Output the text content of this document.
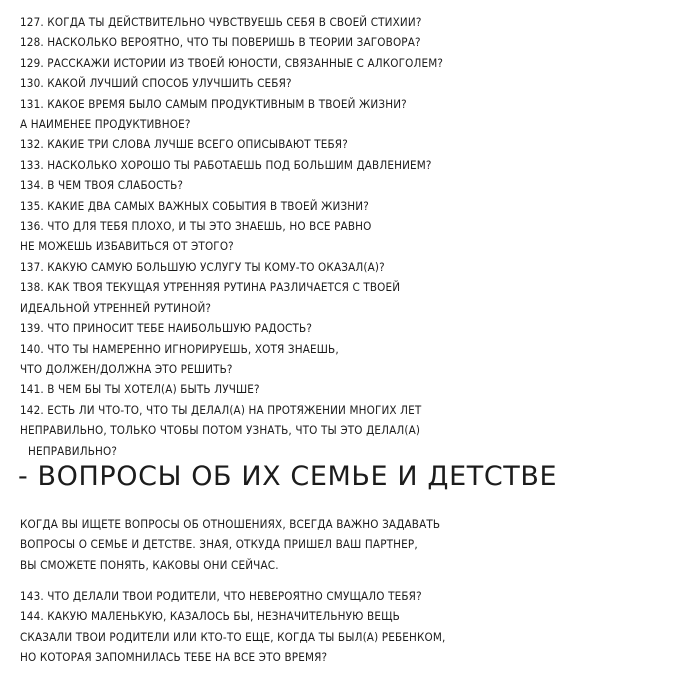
127. КОГДА ТЫ ДЕЙСТВИТЕЛЬНО ЧУВСТВУЕШЬ СЕБЯ В СВОЕЙ СТИХИИ?
128. НАСКОЛЬКО ВЕРОЯТНО, ЧТО ТЫ ПОВЕРИШЬ В ТЕОРИИ ЗАГОВОРА?
129. РАССКАЖИ ИСТОРИИ ИЗ ТВОЕЙ ЮНОСТИ, СВЯЗАННЫЕ С АЛКОГОЛЕМ?
130. КАКОЙ ЛУЧШИЙ СПОСОБ УЛУЧШИТЬ СЕБЯ?
131. КАКОЕ ВРЕМЯ БЫЛО САМЫМ ПРОДУКТИВНЫМ В ТВОЕЙ ЖИЗНИ?
А НАИМЕНЕЕ ПРОДУКТИВНОЕ?
132. КАКИЕ ТРИ СЛОВА ЛУЧШЕ ВСЕГО ОПИСЫВАЮТ ТЕБЯ?
133. НАСКОЛЬКО ХОРОШО ТЫ РАБОТАЕШЬ ПОД БОЛЬШИМ ДАВЛЕНИЕМ?
134. В ЧЕМ ТВОЯ СЛАБОСТЬ?
135. КАКИЕ ДВА САМЫХ ВАЖНЫХ СОБЫТИЯ В ТВОЕЙ ЖИЗНИ?
136. ЧТО ДЛЯ ТЕБЯ ПЛОХО, И ТЫ ЭТО ЗНАЕШЬ, НО ВСЕ РАВНО
НЕ МОЖЕШЬ ИЗБАВИТЬСЯ ОТ ЭТОГО?
137. КАКУЮ САМУЮ БОЛЬШУЮ УСЛУГУ ТЫ КОМУ-ТО ОКАЗАЛ(А)?
138. КАК ТВОЯ ТЕКУЩАЯ УТРЕННЯЯ РУТИНА РАЗЛИЧАЕТСЯ С ТВОЕЙ
ИДЕАЛЬНОЙ УТРЕННЕЙ РУТИНОЙ?
139. ЧТО ПРИНОСИТ ТЕБЕ НАИБОЛЬШУЮ РАДОСТЬ?
140. ЧТО ТЫ НАМЕРЕННО ИГНОРИРУЕШЬ, ХОТЯ ЗНАЕШЬ,
ЧТО ДОЛЖЕН/ДОЛЖНА ЭТО РЕШИТЬ?
141. В ЧЕМ БЫ ТЫ ХОТЕЛ(А) БЫТЬ ЛУЧШЕ?
142. ЕСТЬ ЛИ ЧТО-ТО, ЧТО ТЫ ДЕЛАЛ(А) НА ПРОТЯЖЕНИИ МНОГИХ ЛЕТ
НЕПРАВИЛЬНО, ТОЛЬКО ЧТОБЫ ПОТОМ УЗНАТЬ, ЧТО ТЫ ЭТО ДЕЛАЛ(А)
НЕПРАВИЛЬНО?
- ВОПРОСЫ ОБ ИХ СЕМЬЕ И ДЕТСТВЕ
КОГДА ВЫ ИЩЕТЕ ВОПРОСЫ ОБ ОТНОШЕНИЯХ, ВСЕГДА ВАЖНО ЗАДАВАТЬ
ВОПРОСЫ О СЕМЬЕ И ДЕТСТВЕ. ЗНАЯ, ОТКУДА ПРИШЕЛ ВАШ ПАРТНЕР,
ВЫ СМОЖЕТЕ ПОНЯТЬ, КАКОВЫ ОНИ СЕЙЧАС.
143. ЧТО ДЕЛАЛИ ТВОИ РОДИТЕЛИ, ЧТО НЕВЕРОЯТНО СМУЩАЛО ТЕБЯ?
144. КАКУЮ МАЛЕНЬКУЮ, КАЗАЛОСЬ БЫ, НЕЗНАЧИТЕЛЬНУЮ ВЕЩЬ
СКАЗАЛИ ТВОИ РОДИТЕЛИ ИЛИ КТО-ТО ЕЩЕ, КОГДА ТЫ БЫЛ(А) РЕБЕНКОМ,
НО КОТОРАЯ ЗАПОМНИЛАСЬ ТЕБЕ НА ВСЕ ЭТО ВРЕМЯ?
